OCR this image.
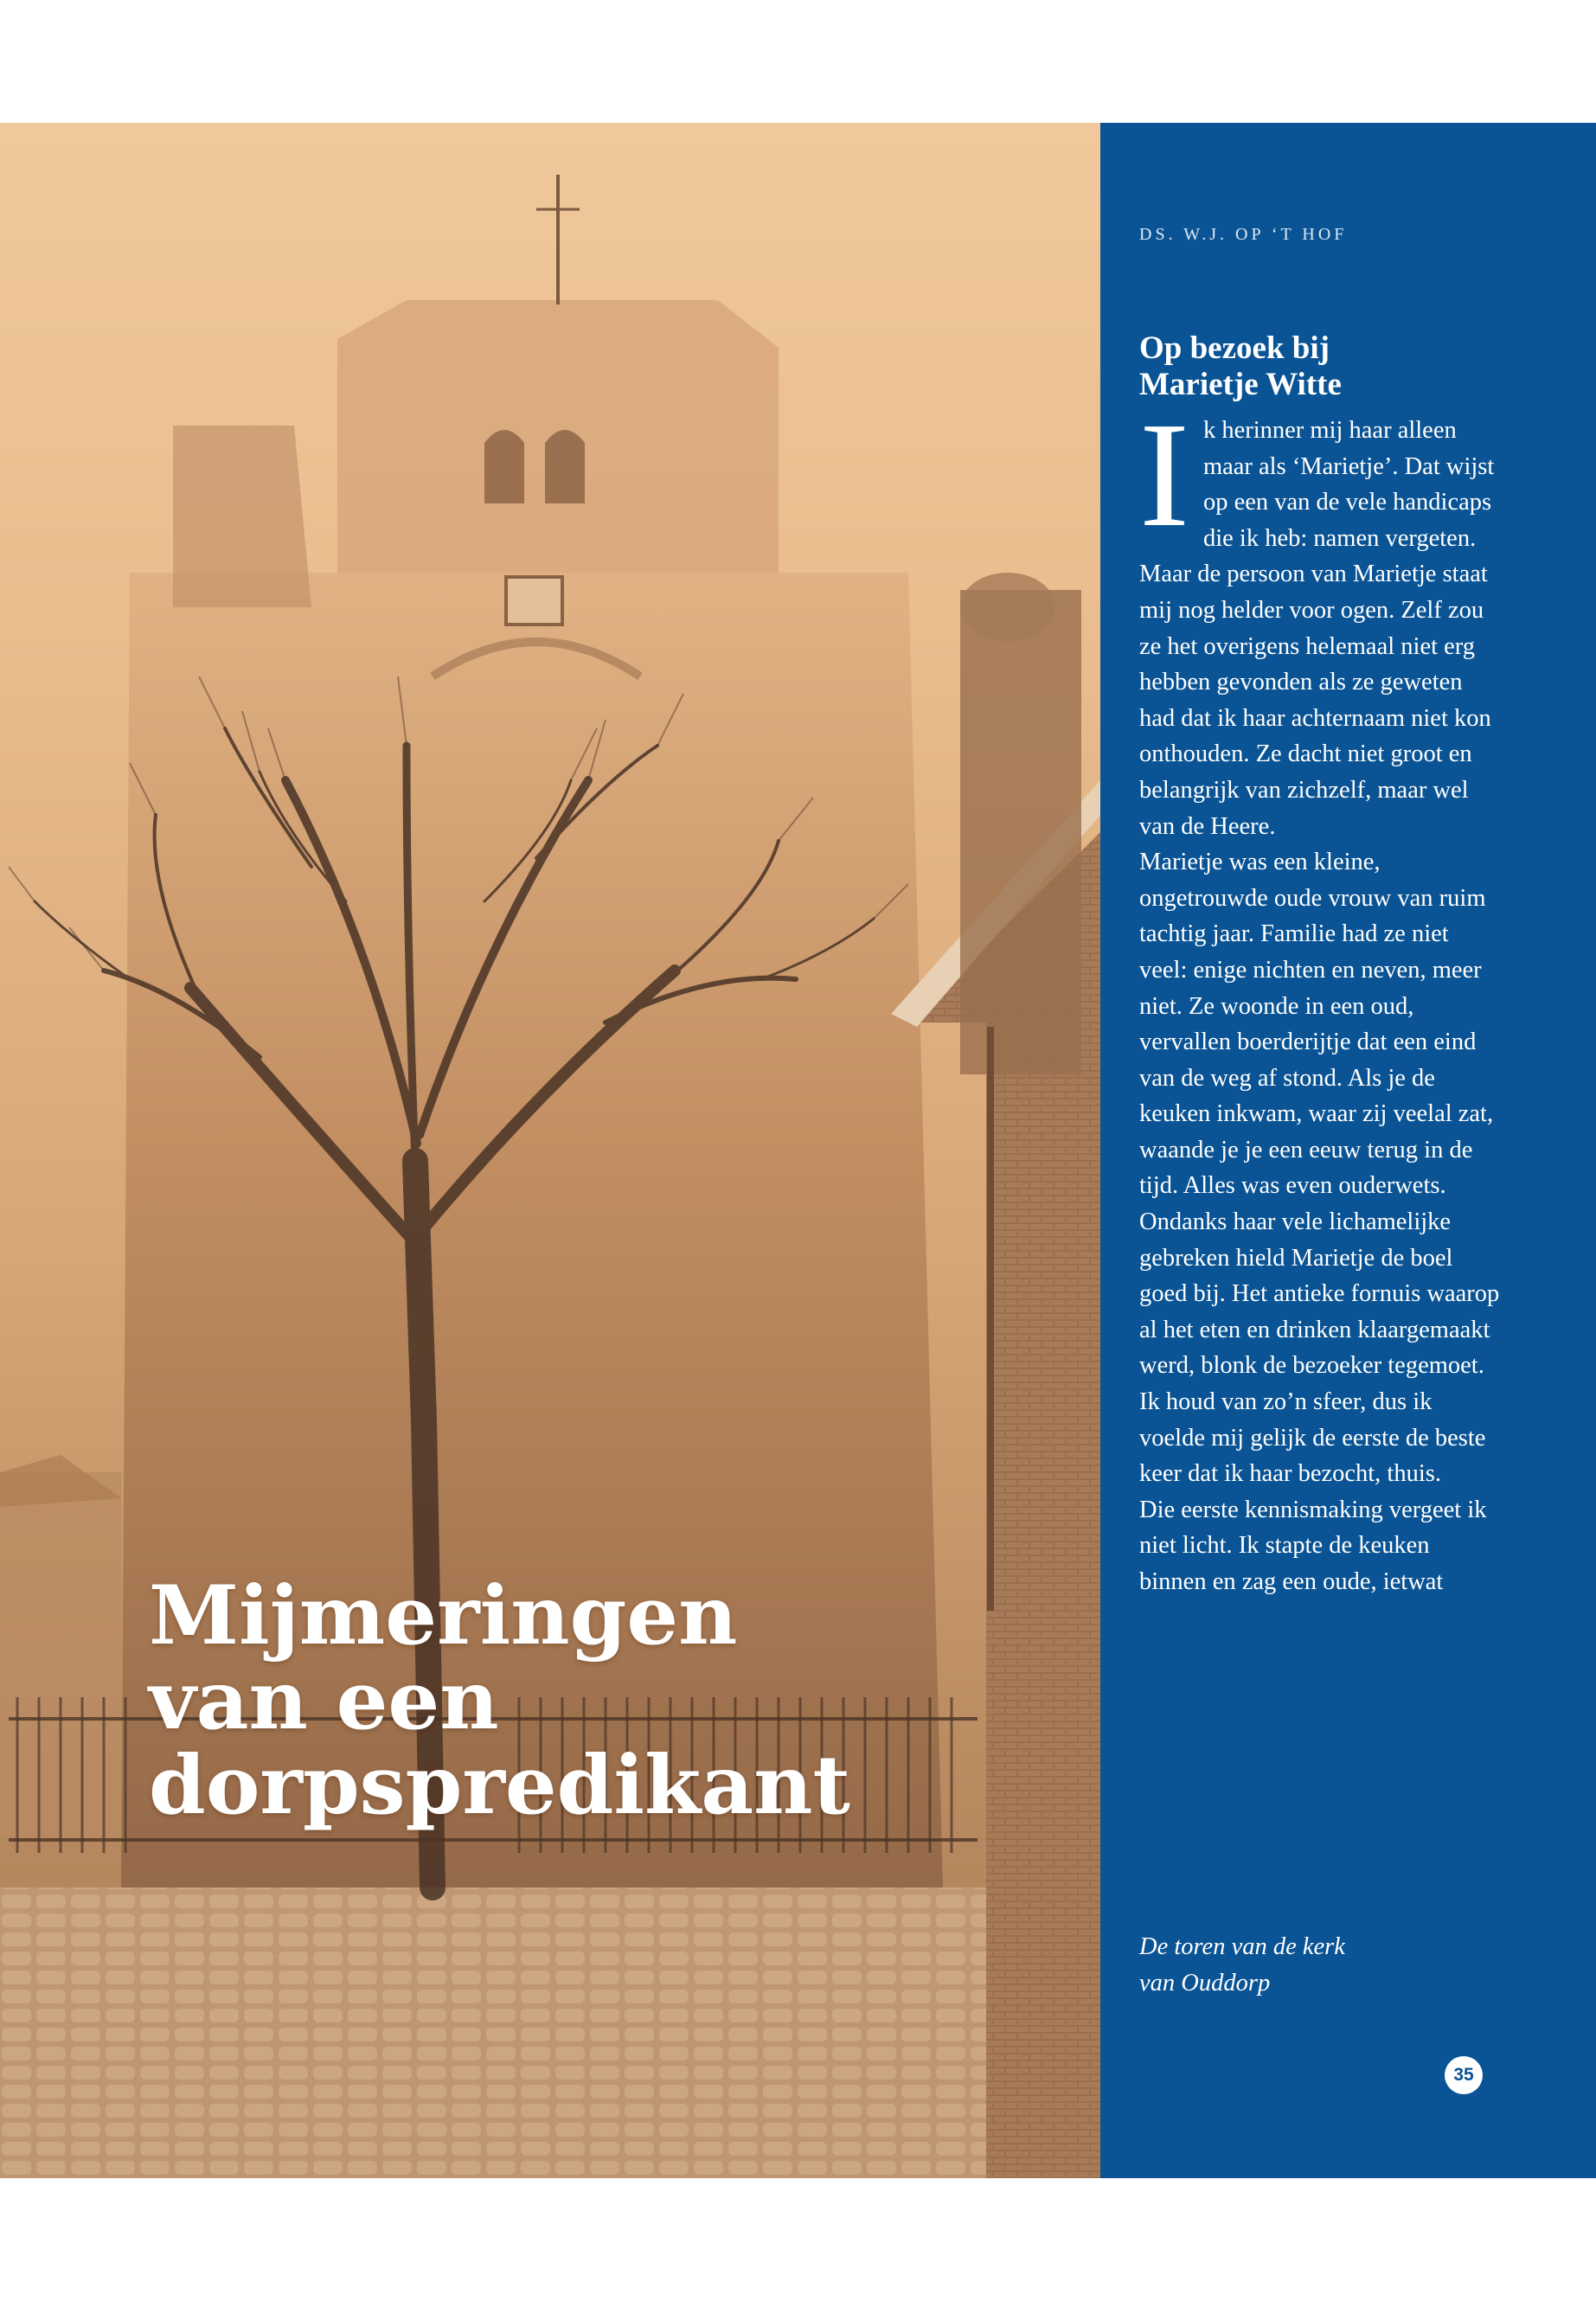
Mijmeringen
van een
dorpspredikant
DS. W.J. OP ‘T HOF
Op bezoek bij
Marietje Witte
I k herinner mij haar alleen maar als ‘Marietje’. Dat wijst op een van de vele handicaps die ik heb: namen vergeten. Maar de persoon van Marietje staat mij nog helder voor ogen. Zelf zou ze het overigens helemaal niet erg hebben gevonden als ze geweten had dat ik haar achternaam niet kon onthouden. Ze dacht niet groot en belangrijk van zichzelf, maar wel van de Heere.

Marietje was een kleine, ongetrouwde oude vrouw van ruim tachtig jaar. Familie had ze niet veel: enige nichten en neven, meer niet. Ze woonde in een oud, vervallen boerderijtje dat een eind van de weg af stond. Als je de keuken inkwam, waar zij veelal zat, waande je je een eeuw terug in de tijd. Alles was even ouderwets. Ondanks haar vele lichamelijke gebreken hield Marietje de boel goed bij. Het antieke fornuis waarop al het eten en drinken klaargemaakt werd, blonk de bezoeker tegemoet. Ik houd van zo’n sfeer, dus ik voelde mij gelijk de eerste de beste keer dat ik haar bezocht, thuis.

Die eerste kennismaking vergeet ik niet licht. Ik stapte de keuken binnen en zag een oude, ietwat

De toren van de kerk
van Ouddorp
35
